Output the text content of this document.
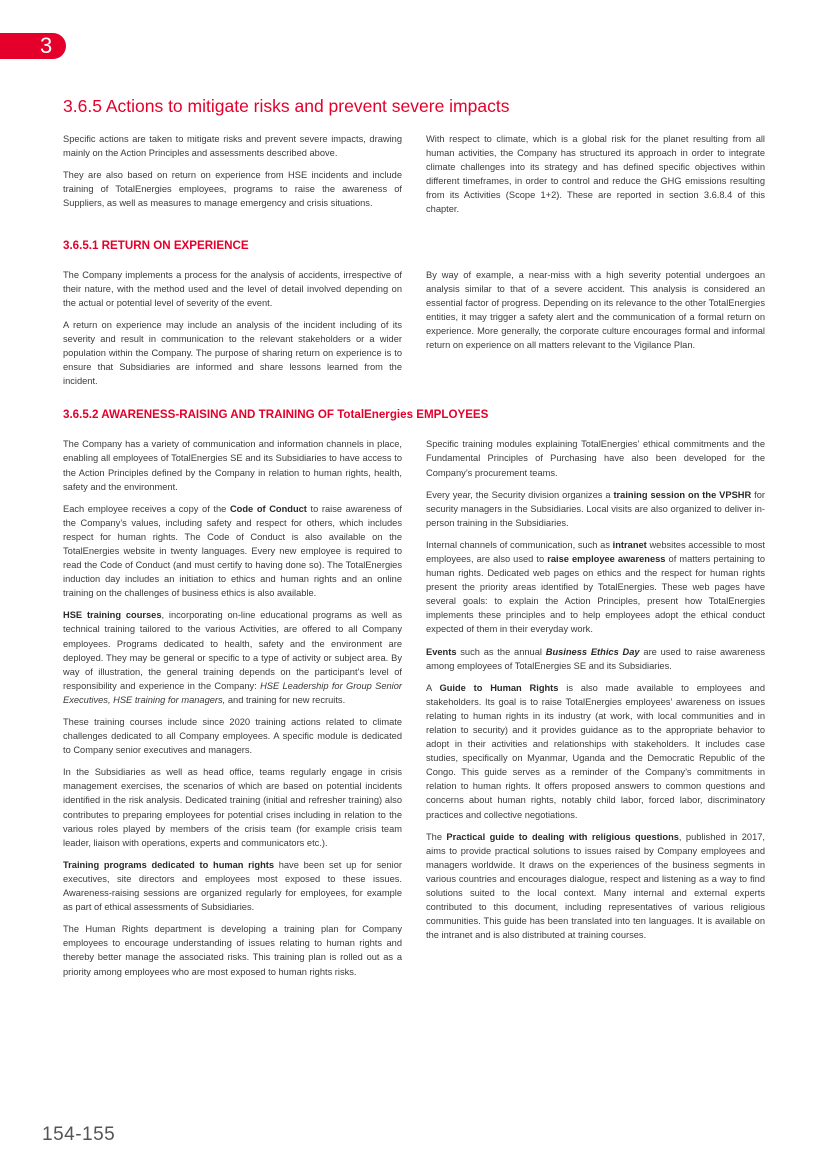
3
3.6.5 Actions to mitigate risks and prevent severe impacts

Specific actions are taken to mitigate risks and prevent severe impacts, drawing mainly on the Action Principles and assessments described above.

They are also based on return on experience from HSE incidents and include training of TotalEnergies employees, programs to raise the awareness of Suppliers, as well as measures to manage emergency and crisis situations.

With respect to climate, which is a global risk for the planet resulting from all human activities, the Company has structured its approach in order to integrate climate challenges into its strategy and has defined specific objectives within different timeframes, in order to control and reduce the GHG emissions resulting from its Activities (Scope 1+2). These are reported in section 3.6.8.4 of this chapter.

3.6.5.1 RETURN ON EXPERIENCE

The Company implements a process for the analysis of accidents, irrespective of their nature, with the method used and the level of detail involved depending on the actual or potential level of severity of the event.

A return on experience may include an analysis of the incident including of its severity and result in communication to the relevant stakeholders or a wider population within the Company. The purpose of sharing return on experience is to ensure that Subsidiaries are informed and share lessons learned from the incident.

By way of example, a near-miss with a high severity potential undergoes an analysis similar to that of a severe accident. This analysis is considered an essential factor of progress. Depending on its relevance to the other TotalEnergies entities, it may trigger a safety alert and the communication of a formal return on experience. More generally, the corporate culture encourages formal and informal return on experience on all matters relevant to the Vigilance Plan.

3.6.5.2 AWARENESS-RAISING AND TRAINING OF TotalEnergies EMPLOYEES

The Company has a variety of communication and information channels in place, enabling all employees of TotalEnergies SE and its Subsidiaries to have access to the Action Principles defined by the Company in relation to human rights, health, safety and the environment.

Each employee receives a copy of the Code of Conduct to raise awareness of the Company’s values, including safety and respect for others, which includes respect for human rights. The Code of Conduct is also available on the TotalEnergies website in twenty languages. Every new employee is required to read the Code of Conduct (and must certify to having done so). The TotalEnergies induction day includes an initiation to ethics and human rights and an online training on the challenges of business ethics is also available.

HSE training courses, incorporating on-line educational programs as well as technical training tailored to the various Activities, are offered to all Company employees. Programs dedicated to health, safety and the environment are deployed. They may be general or specific to a type of activity or subject area. By way of illustration, the general training depends on the participant’s level of responsibility and experience in the Company: HSE Leadership for Group Senior Executives, HSE training for managers, and training for new recruits.

These training courses include since 2020 training actions related to climate challenges dedicated to all Company employees. A specific module is dedicated to Company senior executives and managers.

In the Subsidiaries as well as head office, teams regularly engage in crisis management exercises, the scenarios of which are based on potential incidents identified in the risk analysis. Dedicated training (initial and refresher training) also contributes to preparing employees for potential crises including in relation to the various roles played by members of the crisis team (for example crisis team leader, liaison with operations, experts and communicators etc.).

Training programs dedicated to human rights have been set up for senior executives, site directors and employees most exposed to these issues. Awareness-raising sessions are organized regularly for employees, for example as part of ethical assessments of Subsidiaries.

The Human Rights department is developing a training plan for Company employees to encourage understanding of issues relating to human rights and thereby better manage the associated risks. This training plan is rolled out as a priority among employees who are most exposed to human rights risks.

Specific training modules explaining TotalEnergies’ ethical commitments and the Fundamental Principles of Purchasing have also been developed for the Company’s procurement teams.

Every year, the Security division organizes a training session on the VPSHR for security managers in the Subsidiaries. Local visits are also organized to deliver in-person training in the Subsidiaries.

Internal channels of communication, such as intranet websites accessible to most employees, are also used to raise employee awareness of matters pertaining to human rights. Dedicated web pages on ethics and the respect for human rights present the priority areas identified by TotalEnergies. These web pages have several goals: to explain the Action Principles, present how TotalEnergies implements these principles and to help employees adopt the ethical conduct expected of them in their everyday work.

Events such as the annual Business Ethics Day are used to raise awareness among employees of TotalEnergies SE and its Subsidiaries.

A Guide to Human Rights is also made available to employees and stakeholders. Its goal is to raise TotalEnergies employees’ awareness on issues relating to human rights in its industry (at work, with local communities and in relation to security) and it provides guidance as to the appropriate behavior to adopt in their activities and relationships with stakeholders. It includes case studies, specifically on Myanmar, Uganda and the Democratic Republic of the Congo. This guide serves as a reminder of the Company’s commitments in relation to human rights. It offers proposed answers to common questions and concerns about human rights, notably child labor, forced labor, discriminatory practices and collective negotiations.

The Practical guide to dealing with religious questions, published in 2017, aims to provide practical solutions to issues raised by Company employees and managers worldwide. It draws on the experiences of the business segments in various countries and encourages dialogue, respect and listening as a way to find solutions suited to the local context. Many internal and external experts contributed to this document, including representatives of various religious communities. This guide has been translated into ten languages. It is available on the intranet and is also distributed at training courses.

154-155
